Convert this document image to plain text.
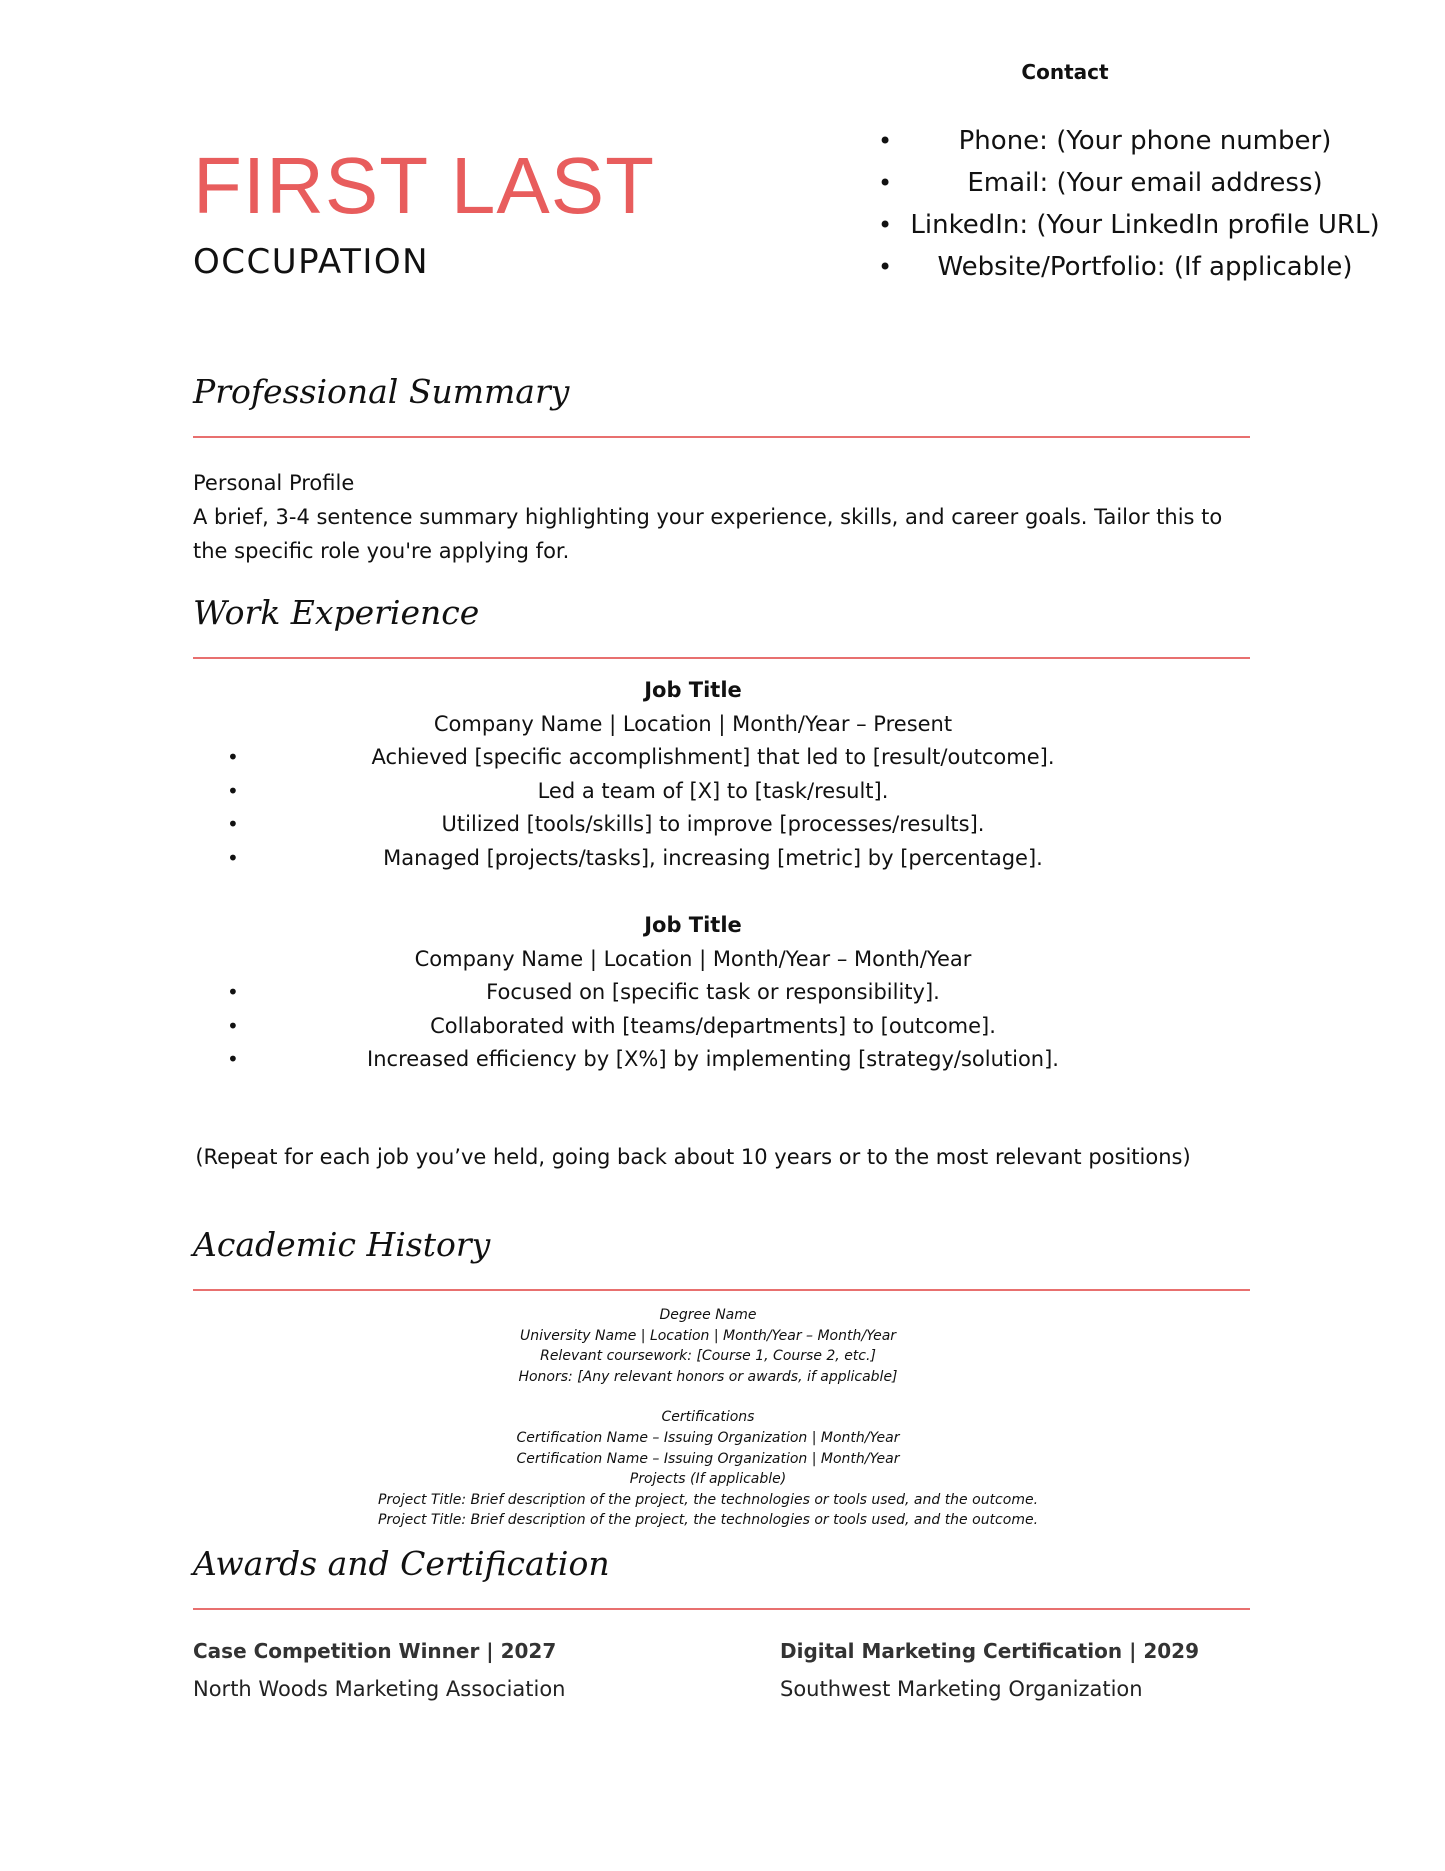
Contact
• Phone: (Your phone number)
• Email: (Your email address)
• LinkedIn: (Your LinkedIn profile URL)
• Website/Portfolio: (If applicable)
FIRST LAST
OCCUPATION
Professional Summary
Personal Profile
A brief, 3-4 sentence summary highlighting your experience, skills, and career goals. Tailor this to the specific role you're applying for.
Work Experience
Job Title
Company Name | Location | Month/Year – Present
• Achieved [specific accomplishment] that led to [result/outcome].
• Led a team of [X] to [task/result].
• Utilized [tools/skills] to improve [processes/results].
• Managed [projects/tasks], increasing [metric] by [percentage].
Job Title
Company Name | Location | Month/Year – Month/Year
• Focused on [specific task or responsibility].
• Collaborated with [teams/departments] to [outcome].
• Increased efficiency by [X%] by implementing [strategy/solution].
(Repeat for each job you’ve held, going back about 10 years or to the most relevant positions)
Academic History
Degree Name
University Name | Location | Month/Year – Month/Year
Relevant coursework: [Course 1, Course 2, etc.]
Honors: [Any relevant honors or awards, if applicable]
Certifications
Certification Name – Issuing Organization | Month/Year
Certification Name – Issuing Organization | Month/Year
Projects (If applicable)
Project Title: Brief description of the project, the technologies or tools used, and the outcome.
Project Title: Brief description of the project, the technologies or tools used, and the outcome.
Awards and Certification
Case Competition Winner | 2027
North Woods Marketing Association
Digital Marketing Certification | 2029
Southwest Marketing Organization
